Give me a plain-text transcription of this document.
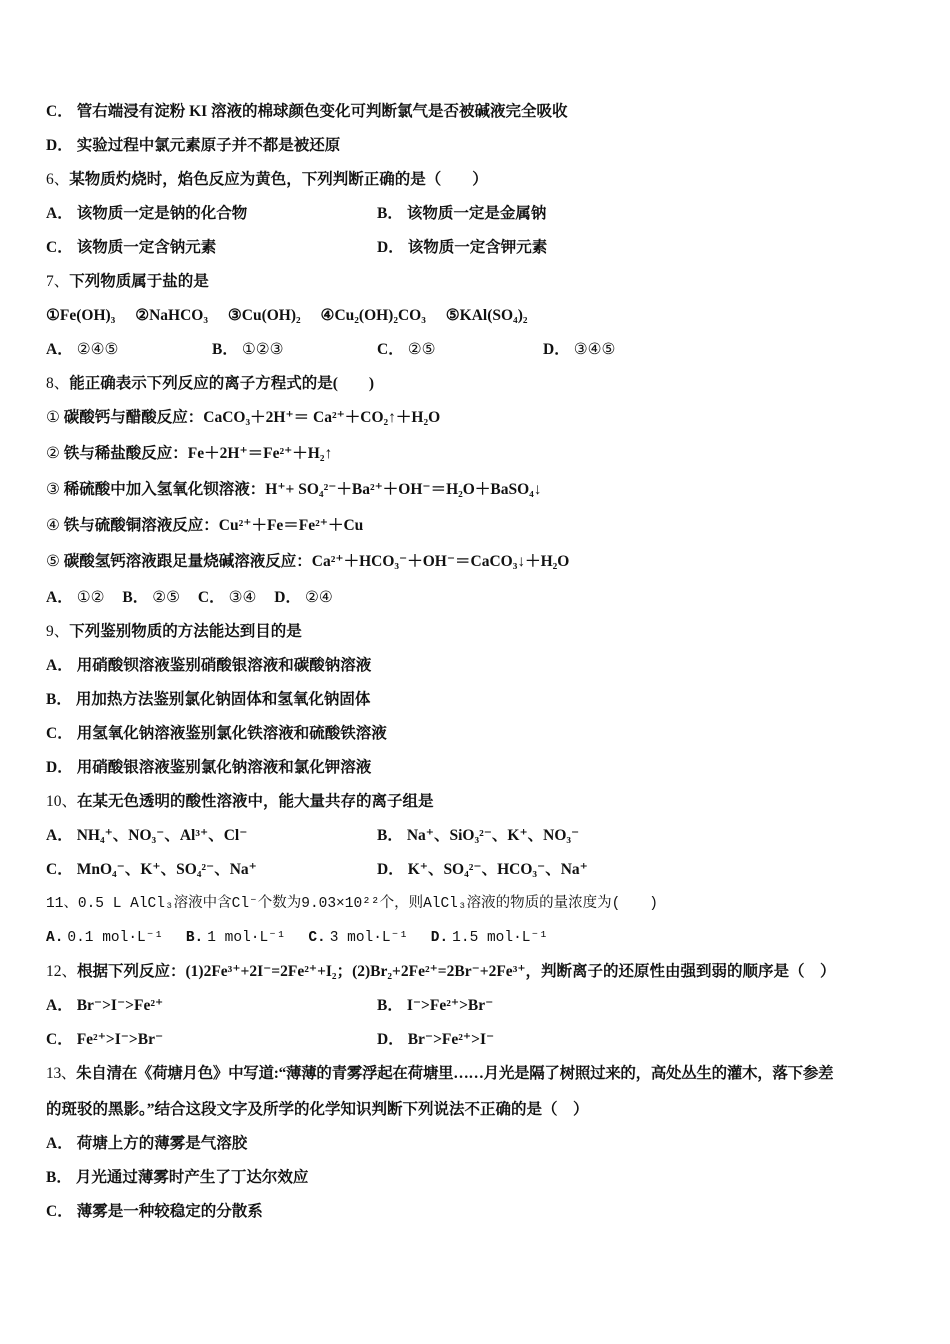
C． 管右端浸有淀粉 KI 溶液的棉球颜色变化可判断氯气是否被碱液完全吸收
D． 实验过程中氯元素原子并不都是被还原
6、某物质灼烧时，焰色反应为黄色，下列判断正确的是（　　）
A． 该物质一定是钠的化合物	B． 该物质一定是金属钠
C． 该物质一定含钠元素	D． 该物质一定含钾元素
7、下列物质属于盐的是
①Fe(OH)₃ ②NaHCO₃ ③Cu(OH)₂ ④Cu₂(OH)₂CO₃ ⑤KAl(SO₄)₂
A． ②④⑤	B． ①②③	C． ②⑤	D． ③④⑤
8、能正确表示下列反应的离子方程式的是(　　)
① 碳酸钙与醋酸反应：CaCO₃＋2H⁺＝ Ca²⁺＋CO₂↑＋H₂O
② 铁与稀盐酸反应：Fe＋2H⁺＝Fe²⁺＋H₂↑
③ 稀硫酸中加入氢氧化钡溶液：H⁺+ SO₄²⁻＋Ba²⁺＋OH⁻＝H₂O＋BaSO₄↓
④ 铁与硫酸铜溶液反应：Cu²⁺＋Fe＝Fe²⁺＋Cu
⑤ 碳酸氢钙溶液跟足量烧碱溶液反应：Ca²⁺＋HCO₃⁻＋OH⁻＝CaCO₃↓＋H₂O
A． ①② B． ②⑤ C． ③④ D． ②④
9、下列鉴别物质的方法能达到目的是
A． 用硝酸钡溶液鉴别硝酸银溶液和碳酸钠溶液
B． 用加热方法鉴别氯化钠固体和氢氧化钠固体
C． 用氢氧化钠溶液鉴别氯化铁溶液和硫酸铁溶液
D． 用硝酸银溶液鉴别氯化钠溶液和氯化钾溶液
10、在某无色透明的酸性溶液中，能大量共存的离子组是
A． NH₄⁺、NO₃⁻、Al³⁺、Cl⁻	B． Na⁺、SiO₃²⁻、K⁺、NO₃⁻
C． MnO₄⁻、K⁺、SO₄²⁻、Na⁺	D． K⁺、SO₄²⁻、HCO₃⁻、Na⁺
11、0.5 L AlCl₃溶液中含Cl⁻个数为9.03×10²²个，则AlCl₃溶液的物质的量浓度为(　　)
A. 0.1 mol·L⁻¹ B. 1 mol·L⁻¹ C. 3 mol·L⁻¹ D. 1.5 mol·L⁻¹
12、根据下列反应：(1)2Fe³⁺+2I⁻=2Fe²⁺+I₂；(2)Br₂+2Fe²⁺=2Br⁻+2Fe³⁺，判断离子的还原性由强到弱的顺序是（　）
A． Br⁻>I⁻>Fe²⁺	B． I⁻>Fe²⁺>Br⁻
C． Fe²⁺>I⁻>Br⁻	D． Br⁻>Fe²⁺>I⁻
13、朱自清在《荷塘月色》中写道:“薄薄的青雾浮起在荷塘里……月光是隔了树照过来的，高处丛生的灌木，落下参差
的斑驳的黑影。”结合这段文字及所学的化学知识判断下列说法不正确的是（　）
A． 荷塘上方的薄雾是气溶胶
B． 月光通过薄雾时产生了丁达尔效应
C． 薄雾是一种较稳定的分散系
